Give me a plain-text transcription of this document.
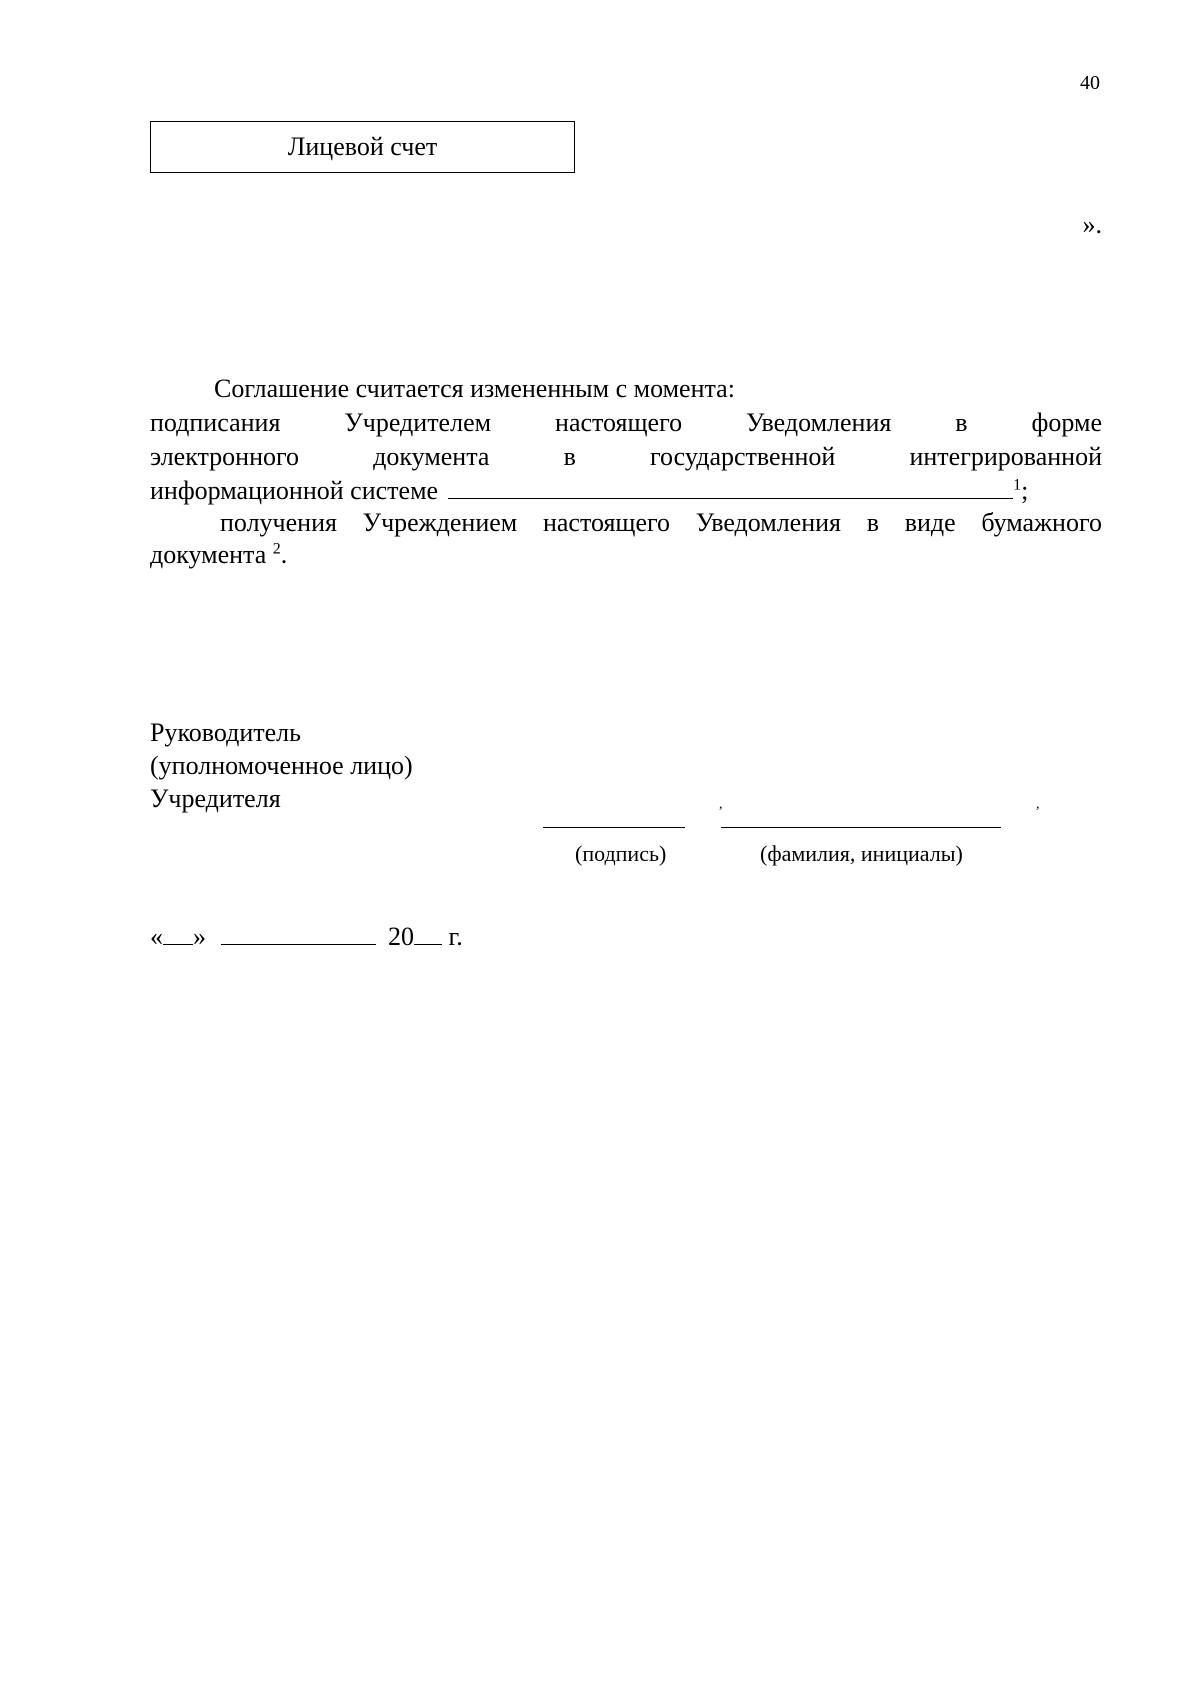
40
Лицевой счет
».
Соглашение считается измененным с момента:
подписания Учредителем настоящего Уведомления в форме
электронного документа в государственной интегрированной
информационной системе	$^1$;
получения Учреждением настоящего Уведомления в виде бумажного
документа $^2$.
Руководитель
(уполномоченное лицо)
Учредителя	,	,
(подпись)	(фамилия, инициалы)
« »	20 г.
